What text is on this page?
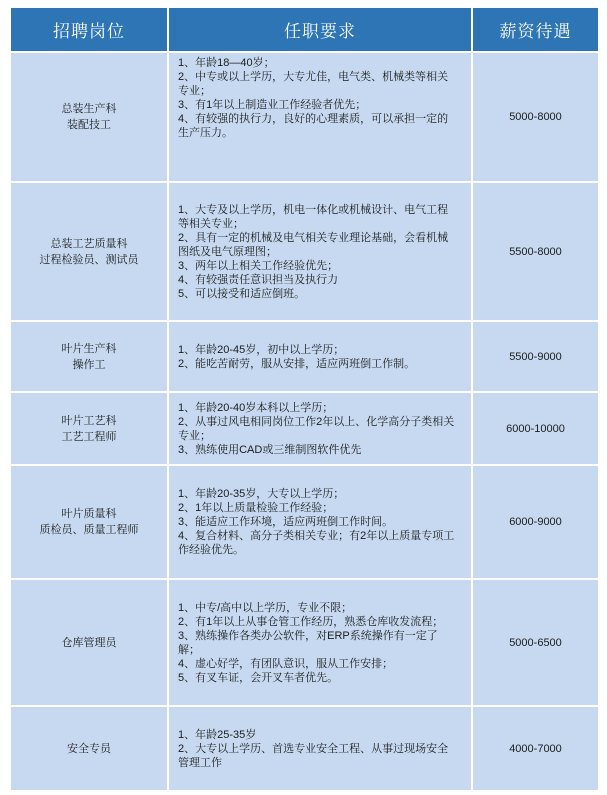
招聘岗位	任职要求	薪资待遇
总装生产科
装配技工
1、年龄18—40岁；
2、中专或以上学历，大专尤佳，电气类、机械类等相关专业；
3、有1年以上制造业工作经验者优先；
4、有较强的执行力，良好的心理素质，可以承担一定的生产压力。
5000-8000
总装工艺质量科
过程检验员、测试员
1、大专及以上学历，机电一体化或机械设计、电气工程等相关专业；
2、具有一定的机械及电气相关专业理论基础，会看机械图纸及电气原理图；
3、两年以上相关工作经验优先；
4、有较强责任意识担当及执行力
5、可以接受和适应倒班。
5500-8000
叶片生产科
操作工
1、年龄20-45岁，初中以上学历；
2、能吃苦耐劳，服从安排，适应两班倒工作制。
5500-9000
叶片工艺科
工艺工程师
1、年龄20-40岁本科以上学历；
2、从事过风电相同岗位工作2年以上、化学高分子类相关专业；
3、熟练使用CAD或三维制图软件优先
6000-10000
叶片质量科
质检员、质量工程师
1、年龄20-35岁，大专以上学历；
2、1年以上质量检验工作经验；
3、能适应工作环境，适应两班倒工作时间。
4、复合材料、高分子类相关专业；有2年以上质量专项工作经验优先。
6000-9000
仓库管理员
1、中专/高中以上学历，专业不限；
2、有1年以上从事仓管工作经历，熟悉仓库收发流程；
3、熟练操作各类办公软件，对ERP系统操作有一定了解；
4、虚心好学，有团队意识，服从工作安排；
5、有叉车证，会开叉车者优先。
5000-6500
安全专员
1、年龄25-35岁
2、大专以上学历、首选专业安全工程、从事过现场安全管理工作
4000-7000
